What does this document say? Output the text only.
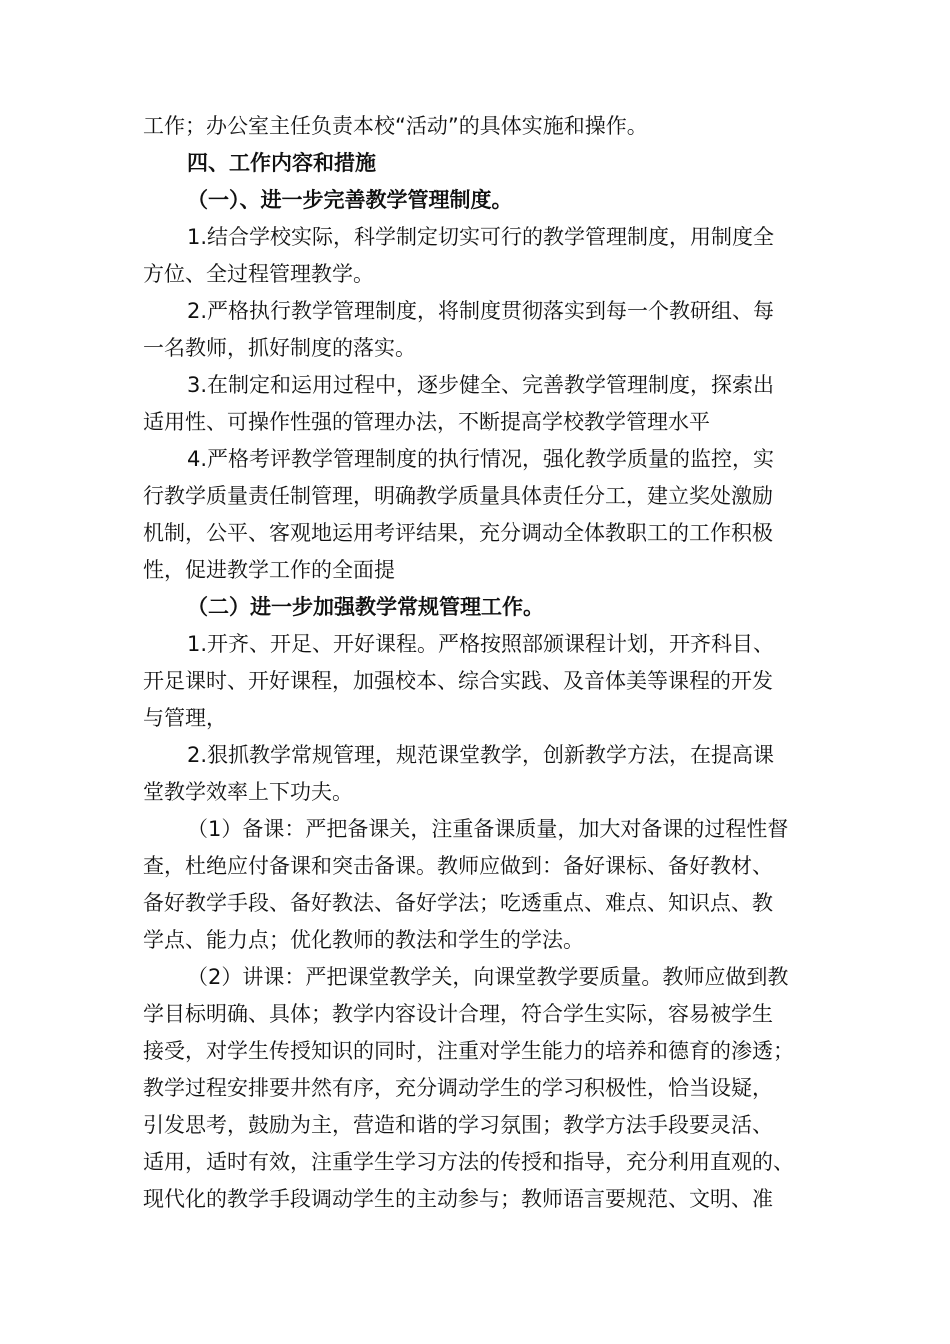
工作；办公室主任负责本校“活动”的具体实施和操作。
四、工作内容和措施
（一）、进一步完善教学管理制度。
1.结合学校实际，科学制定切实可行的教学管理制度，用制度全
方位、全过程管理教学。
2.严格执行教学管理制度，将制度贯彻落实到每一个教研组、每
一名教师，抓好制度的落实。
3.在制定和运用过程中，逐步健全、完善教学管理制度，探索出
适用性、可操作性强的管理办法，不断提高学校教学管理水平
4.严格考评教学管理制度的执行情况，强化教学质量的监控，实
行教学质量责任制管理，明确教学质量具体责任分工，建立奖处激励
机制，公平、客观地运用考评结果，充分调动全体教职工的工作积极
性，促进教学工作的全面提
（二）进一步加强教学常规管理工作。
1.开齐、开足、开好课程。严格按照部颁课程计划，开齐科目、
开足课时、开好课程，加强校本、综合实践、及音体美等课程的开发
与管理，
2.狠抓教学常规管理，规范课堂教学，创新教学方法，在提高课
堂教学效率上下功夫。
（1）备课：严把备课关，注重备课质量，加大对备课的过程性督
查，杜绝应付备课和突击备课。教师应做到：备好课标、备好教材、
备好教学手段、备好教法、备好学法；吃透重点、难点、知识点、教
学点、能力点；优化教师的教法和学生的学法。
（2）讲课：严把课堂教学关，向课堂教学要质量。教师应做到教
学目标明确、具体；教学内容设计合理，符合学生实际，容易被学生
接受，对学生传授知识的同时，注重对学生能力的培养和德育的渗透；
教学过程安排要井然有序，充分调动学生的学习积极性，恰当设疑，
引发思考，鼓励为主，营造和谐的学习氛围；教学方法手段要灵活、
适用，适时有效，注重学生学习方法的传授和指导，充分利用直观的、
现代化的教学手段调动学生的主动参与；教师语言要规范、文明、准
